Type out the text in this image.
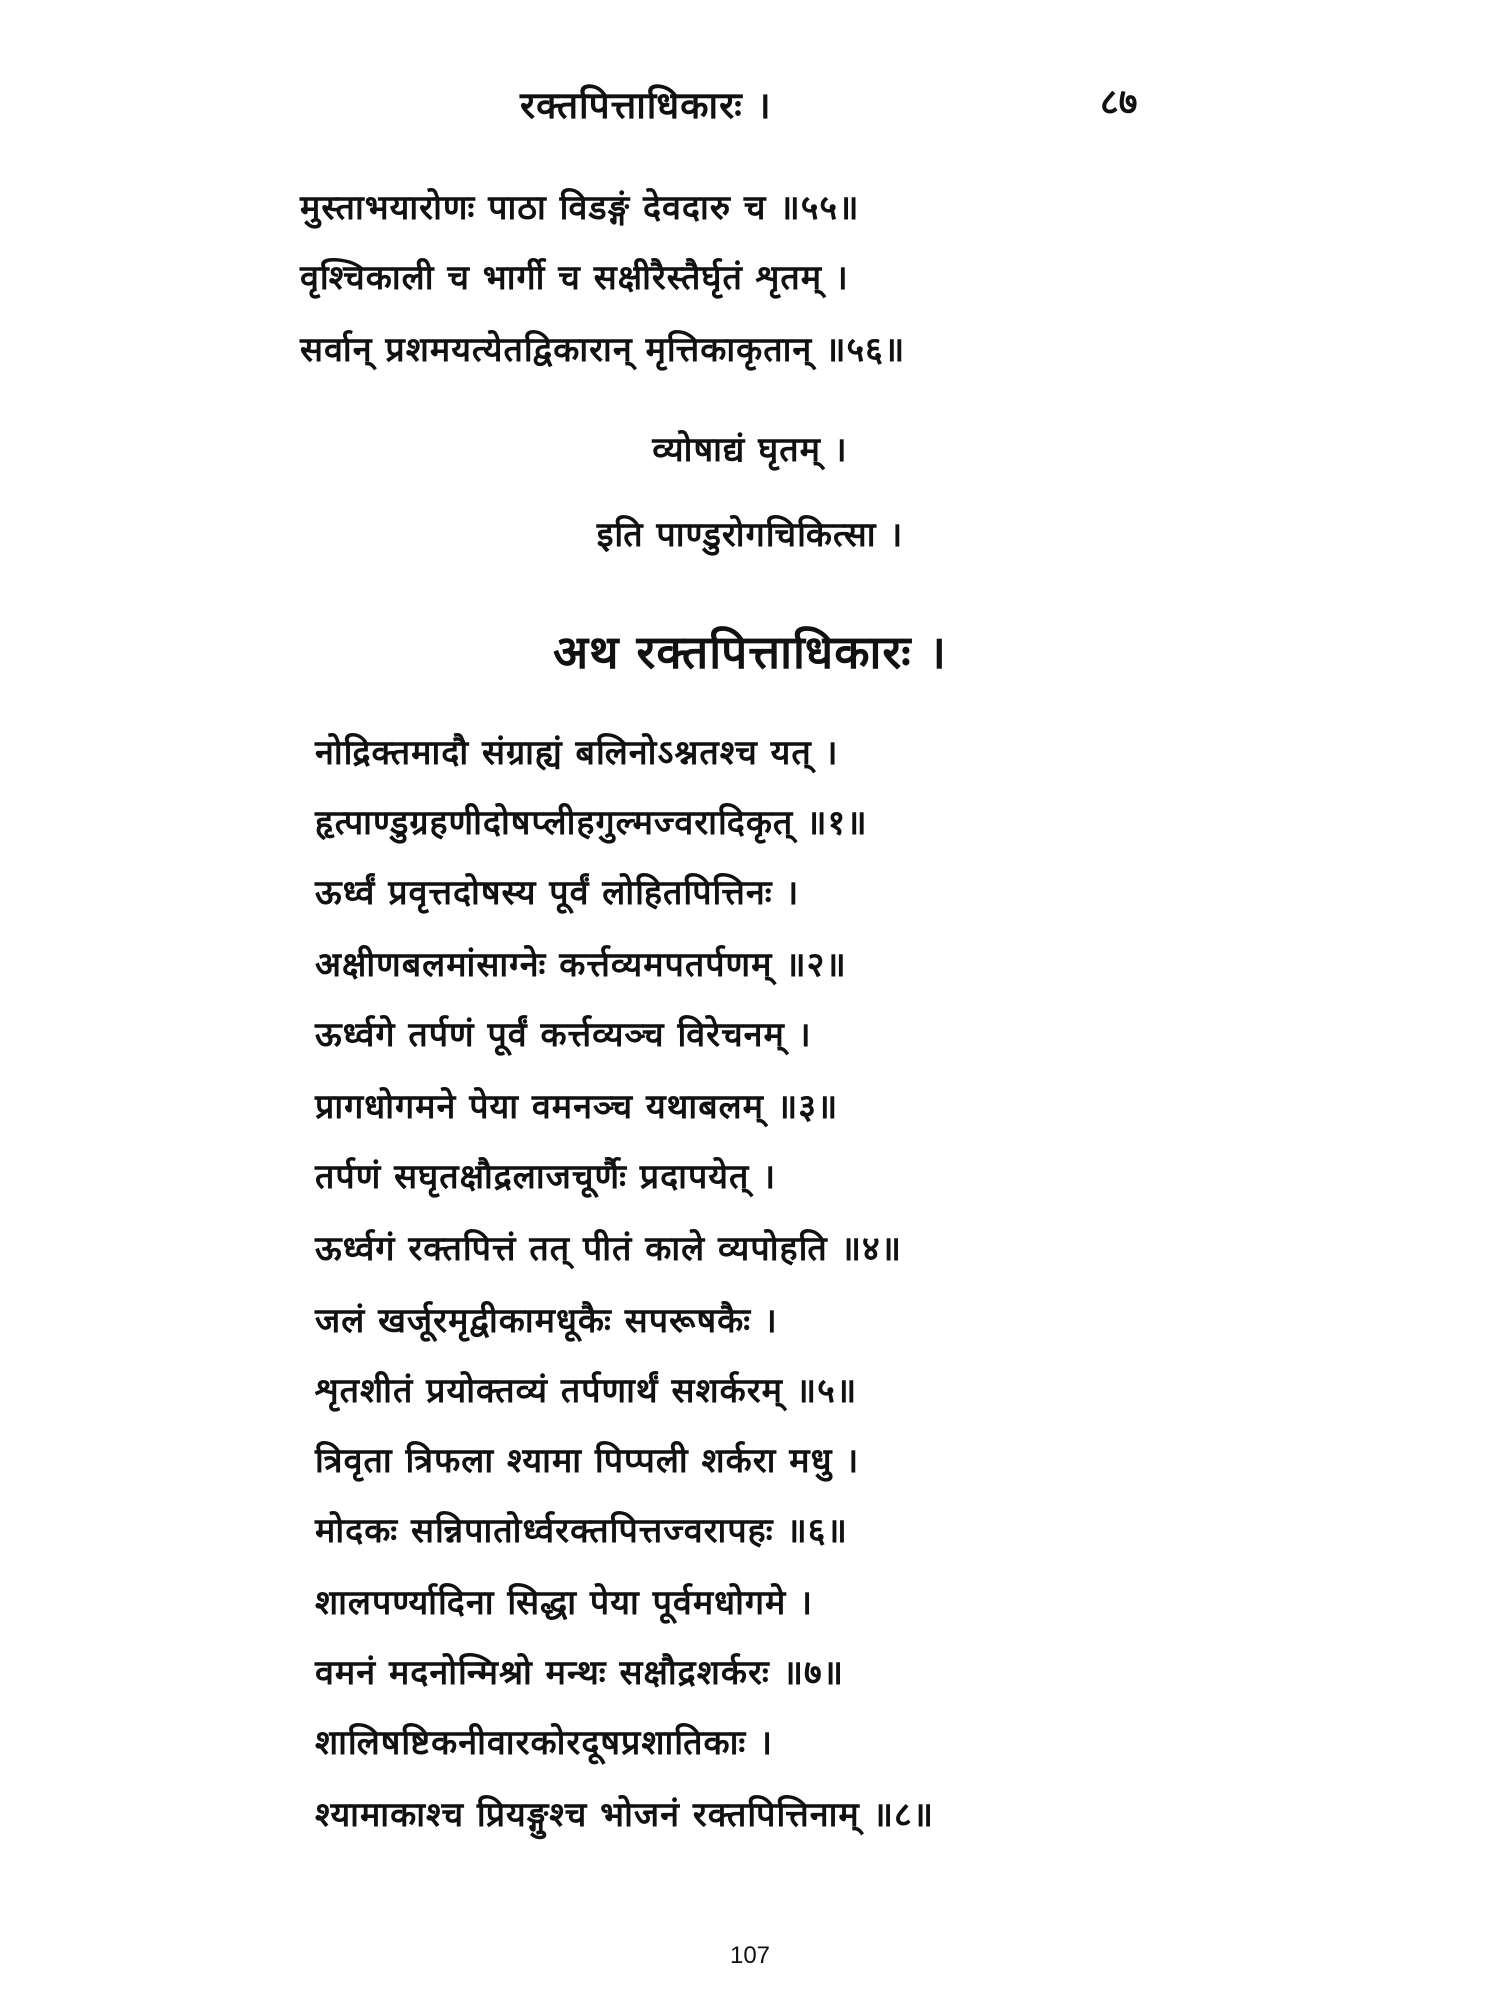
रक्तपित्ताधिकारः ।	८७
मुस्ताभयारोणः पाठा विडङ्गं देवदारु च ॥५५॥
वृश्चिकाली च भार्गी च सक्षीरैस्तैर्घृतं शृतम् ।
सर्वान् प्रशमयत्येतद्विकारान् मृत्तिकाकृतान् ॥५६॥
व्योषाद्यं घृतम् ।
इति पाण्डुरोगचिकित्सा ।
अथ रक्तपित्ताधिकारः ।
नोद्रिक्तमादौ संग्राह्यं बलिनोऽश्नतश्च यत् ।
हृत्पाण्डुग्रहणीदोषप्लीहगुल्मज्वरादिकृत् ॥१॥
ऊर्ध्वं प्रवृत्तदोषस्य पूर्वं लोहितपित्तिनः ।
अक्षीणबलमांसाग्नेः कर्त्तव्यमपतर्पणम् ॥२॥
ऊर्ध्वगे तर्पणं पूर्वं कर्त्तव्यञ्च विरेचनम् ।
प्रागधोगमने पेया वमनञ्च यथाबलम् ॥३॥
तर्पणं सघृतक्षौद्रलाजचूर्णैः प्रदापयेत् ।
ऊर्ध्वगं रक्तपित्तं तत् पीतं काले व्यपोहति ॥४॥
जलं खर्जूरमृद्वीकामधूकैः सपरूषकैः ।
शृतशीतं प्रयोक्तव्यं तर्पणार्थं सशर्करम् ॥५॥
त्रिवृता त्रिफला श्यामा पिप्पली शर्करा मधु ।
मोदकः सन्निपातोर्ध्वरक्तपित्तज्वरापहः ॥६॥
शालपर्ण्यादिना सिद्धा पेया पूर्वमधोगमे ।
वमनं मदनोन्मिश्रो मन्थः सक्षौद्रशर्करः ॥७॥
शालिषष्टिकनीवारकोरदूषप्रशातिकाः ।
श्यामाकाश्च प्रियङ्गुश्च भोजनं रक्तपित्तिनाम् ॥८॥
107
